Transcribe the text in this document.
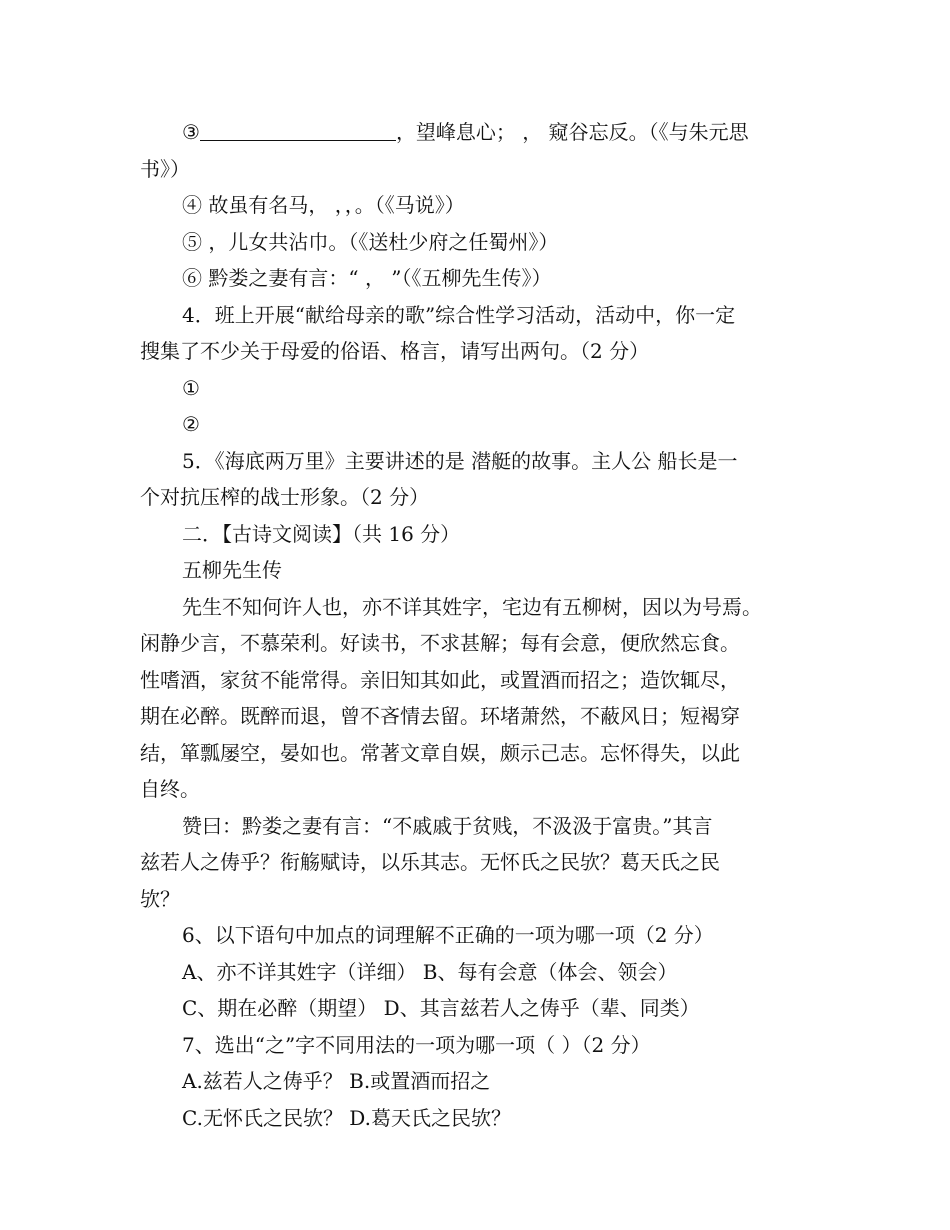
③	，望峰息心； ， 窥谷忘反。（《与朱元思
书》）
④ 故虽有名马， ，，。（《马说》）
⑤ ，儿女共沾巾。（《送杜少府之任蜀州》）
⑥ 黔娄之妻有言：“ ， ”（《五柳先生传》）
4．班上开展“献给母亲的歌”综合性学习活动，活动中，你一定
搜集了不少关于母爱的俗语、格言，请写出两句。（2 分）
①
②
5．《海底两万里》主要讲述的是 潜艇的故事。主人公 船长是一
个对抗压榨的战士形象。（2 分）
二．【古诗文阅读】（共 16 分）
五柳先生传
先生不知何许人也，亦不详其姓字，宅边有五柳树，因以为号焉。
闲静少言，不慕荣利。好读书，不求甚解；每有会意，便欣然忘食。
性嗜酒，家贫不能常得。亲旧知其如此，或置酒而招之；造饮辄尽，
期在必醉。既醉而退，曾不吝情去留。环堵萧然，不蔽风日；短褐穿
结，箪瓢屡空，晏如也。常著文章自娱，颇示己志。忘怀得失，以此
自终。
赞曰：黔娄之妻有言：“不戚戚于贫贱，不汲汲于富贵。”其言
兹若人之俦乎？衔觞赋诗，以乐其志。无怀氏之民欤？葛天氏之民
欤？
6、以下语句中加点的词理解不正确的一项为哪一项（2 分）
A、亦不详其姓字（详细） B、每有会意（体会、领会）
C、期在必醉（期望） D、其言兹若人之俦乎（辈、同类）
7、选出“之”字不同用法的一项为哪一项（ ）（2 分）
A.兹若人之俦乎？ B.或置酒而招之
C.无怀氏之民欤？ D.葛天氏之民欤？
